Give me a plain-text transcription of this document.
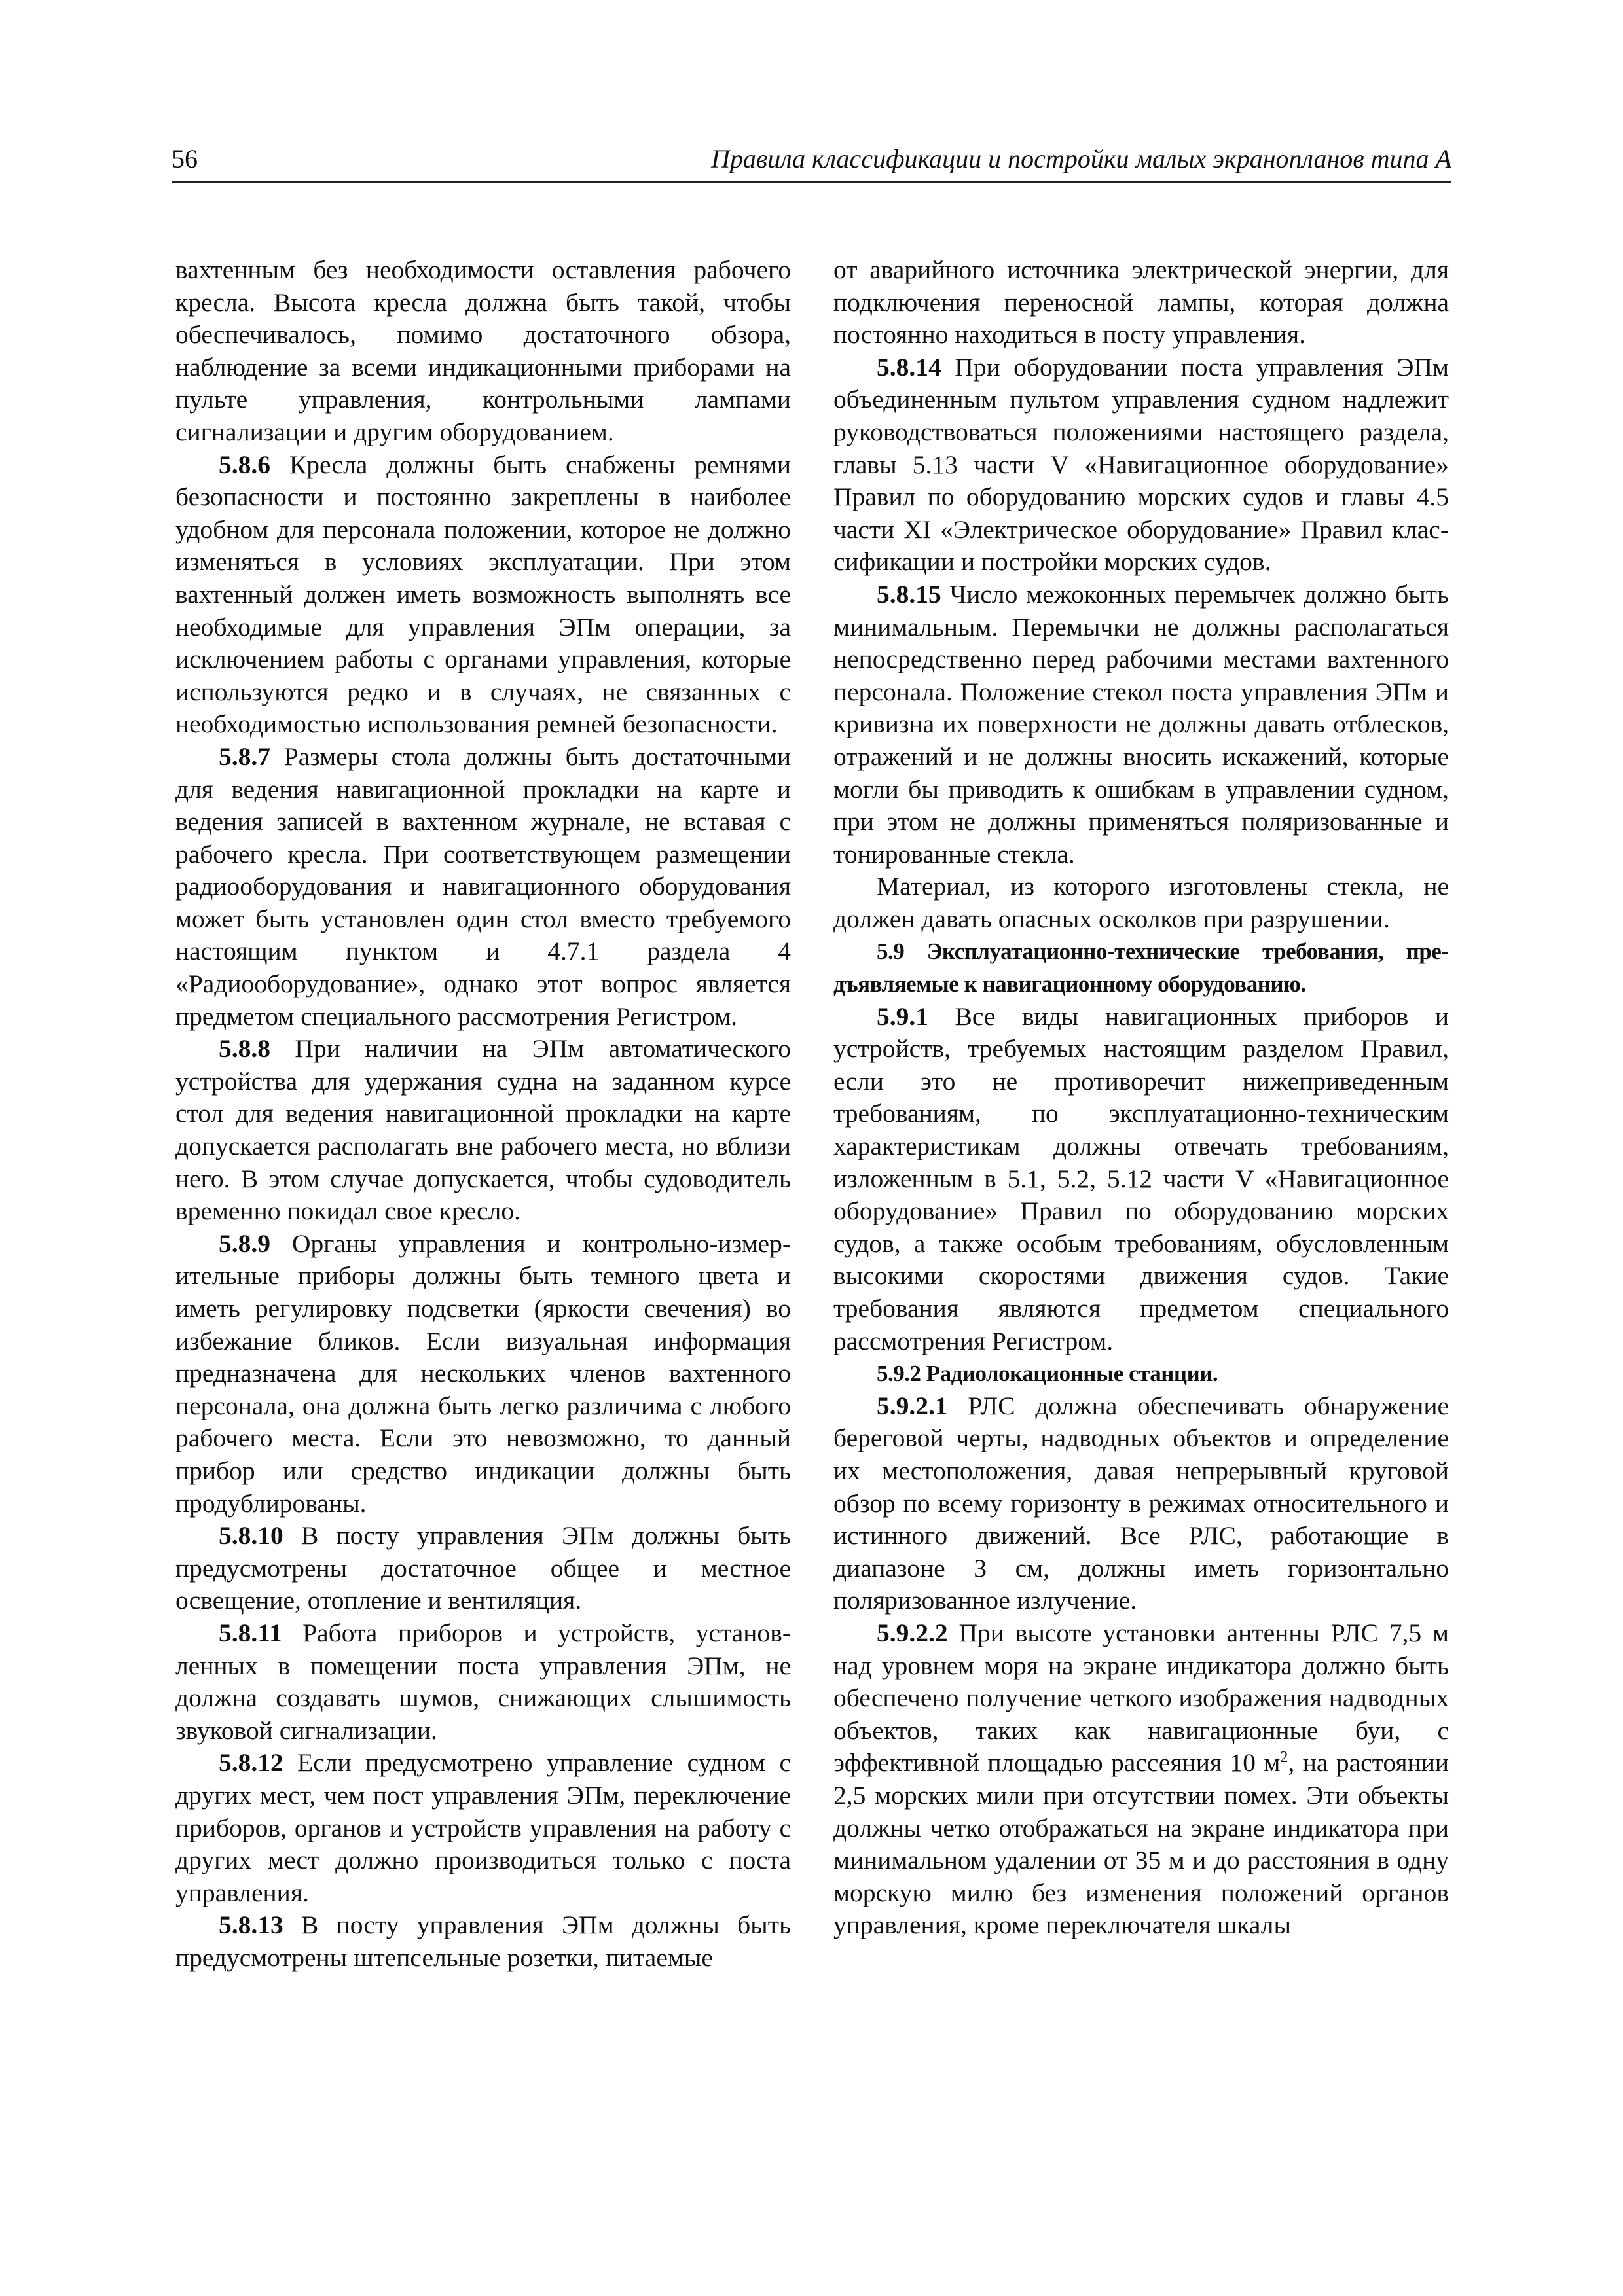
56	Правила классификации и постройки малых экранопланов типа А

вахтенным без необходимости оставления рабочего кресла. Высота кресла должна быть такой, чтобы обеспечивалось, помимо достаточного обзора, наблюдение за всеми индикационными приборами на пульте управления, контрольными лампами сигнализации и другим оборудованием.

5.8.6 Кресла должны быть снабжены ремнями безопасности и постоянно закреплены в наиболее удобном для персонала положении, которое не должно изменяться в условиях эксплуатации. При этом вахтенный должен иметь возможность выполнять все необходимые для управления ЭПм операции, за исключением работы с органами управления, которые используются редко и в случаях, не связанных с необходимостью использования ремней безопасности.

5.8.7 Размеры стола должны быть достаточными для ведения навигационной прокладки на карте и ведения записей в вахтенном журнале, не вставая с рабочего кресла. При соответствующем размещении радиооборудования и навигационного оборудования может быть установлен один стол вместо требуемого настоящим пунктом и 4.7.1 раздела 4 «Радиооборудование», однако этот вопрос является предметом специального рассмотрения Регистром.

5.8.8 При наличии на ЭПм автоматического устройства для удержания судна на заданном курсе стол для ведения навигационной прокладки на карте допускается располагать вне рабочего места, но вблизи него. В этом случае допускается, чтобы судоводитель временно покидал свое кресло.

5.8.9 Органы управления и контрольно-измерительные приборы должны быть темного цвета и иметь регулировку подсветки (яркости свечения) во избежание бликов. Если визуальная информация предназначена для нескольких членов вахтенного персонала, она должна быть легко различима с любого рабочего места. Если это невозможно, то данный прибор или средство индикации должны быть продублированы.

5.8.10 В посту управления ЭПм должны быть предусмотрены достаточное общее и местное освещение, отопление и вентиляция.

5.8.11 Работа приборов и устройств, установленных в помещении поста управления ЭПм, не должна создавать шумов, снижающих слышимость звуковой сигнализации.

5.8.12 Если предусмотрено управление судном с других мест, чем пост управления ЭПм, переключение приборов, органов и устройств управления на работу с других мест должно производиться только с поста управления.

5.8.13 В посту управления ЭПм должны быть предусмотрены штепсельные розетки, питаемые

от аварийного источника электрической энергии, для подключения переносной лампы, которая должна постоянно находиться в посту управления.

5.8.14 При оборудовании поста управления ЭПм объединенным пультом управления судном надлежит руководствоваться положениями настоящего раздела, главы 5.13 части V «Навигационное оборудование» Правил по оборудованию морских судов и главы 4.5 части XI «Электрическое оборудование» Правил классификации и постройки морских судов.

5.8.15 Число межоконных перемычек должно быть минимальным. Перемычки не должны располагаться непосредственно перед рабочими местами вахтенного персонала. Положение стекол поста управления ЭПм и кривизна их поверхности не должны давать отблесков, отражений и не должны вносить искажений, которые могли бы приводить к ошибкам в управлении судном, при этом не должны применяться поляризованные и тонированные стекла.

Материал, из которого изготовлены стекла, не должен давать опасных осколков при разрушении.

5.9 Эксплуатационно-технические требования, предъявляемые к навигационному оборудованию.

5.9.1 Все виды навигационных приборов и устройств, требуемых настоящим разделом Правил, если это не противоречит нижеприведенным требованиям, по эксплуатационно-техническим характеристикам должны отвечать требованиям, изложенным в 5.1, 5.2, 5.12 части V «Навигационное оборудование» Правил по оборудованию морских судов, а также особым требованиям, обусловленным высокими скоростями движения судов. Такие требования являются предметом специального рассмотрения Регистром.

5.9.2 Радиолокационные станции.

5.9.2.1 РЛС должна обеспечивать обнаружение береговой черты, надводных объектов и определение их местоположения, давая непрерывный круговой обзор по всему горизонту в режимах относительного и истинного движений. Все РЛС, работающие в диапазоне 3 см, должны иметь горизонтально поляризованное излучение.

5.9.2.2 При высоте установки антенны РЛС 7,5 м над уровнем моря на экране индикатора должно быть обеспечено получение четкого изображения надводных объектов, таких как навигационные буи, с эффективной площадью рассеяния 10 $м^2$, на растоянии 2,5 морских мили при отсутствии помех. Эти объекты должны четко отображаться на экране индикатора при минимальном удалении от 35 м и до расстояния в одну морскую милю без изменения положений органов управления, кроме переключателя шкалы
